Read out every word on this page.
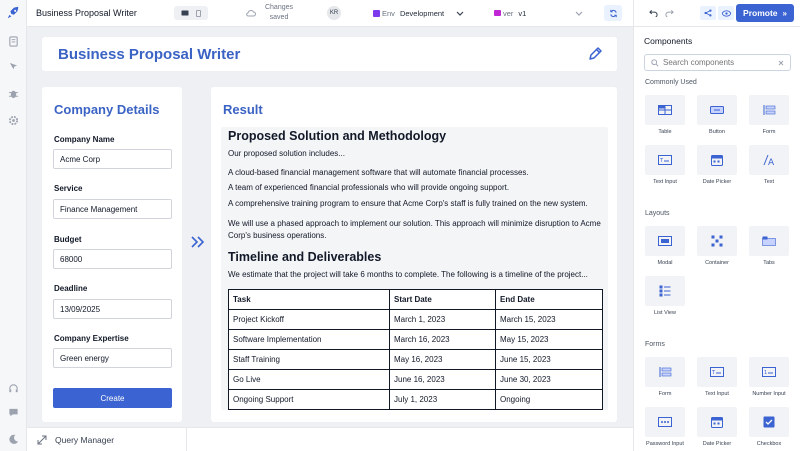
Business Proposal Writer
Changes saved
KR	Env Development	ver v1
Business Proposal Writer
Company Details
Company Name
Acme Corp
Service
Finance Management
Budget
68000
Deadline
13/09/2025
Company Expertise
Green energy
Create
Result
Proposed Solution and Methodology
Our proposed solution includes...
A cloud-based financial management software that will automate financial processes.
A team of experienced financial professionals who will provide ongoing support.
A comprehensive training program to ensure that Acme Corp's staff is fully trained on the new system.
We will use a phased approach to implement our solution. This approach will minimize disruption to Acme
Corp's business operations.
Timeline and Deliverables
We estimate that the project will take 6 months to complete. The following is a timeline of the project...
Task	Start Date	End Date
Project Kickoff	March 1, 2023	March 15, 2023
Software Implementation	March 16, 2023	May 15, 2023
Staff Training	May 16, 2023	June 15, 2023
Go Live	June 16, 2023	June 30, 2023
Ongoing Support	July 1, 2023	Ongoing
Query Manager
Promote »
Components
Search components
Commonly Used
Table	Button	Form
T
Text Input	Date Picker
A
Text
Layouts
Modal	Container	Tabs
List View
Forms
Form
T
Text Input
1
Number Input
Password Input	Date Picker	Checkbox
